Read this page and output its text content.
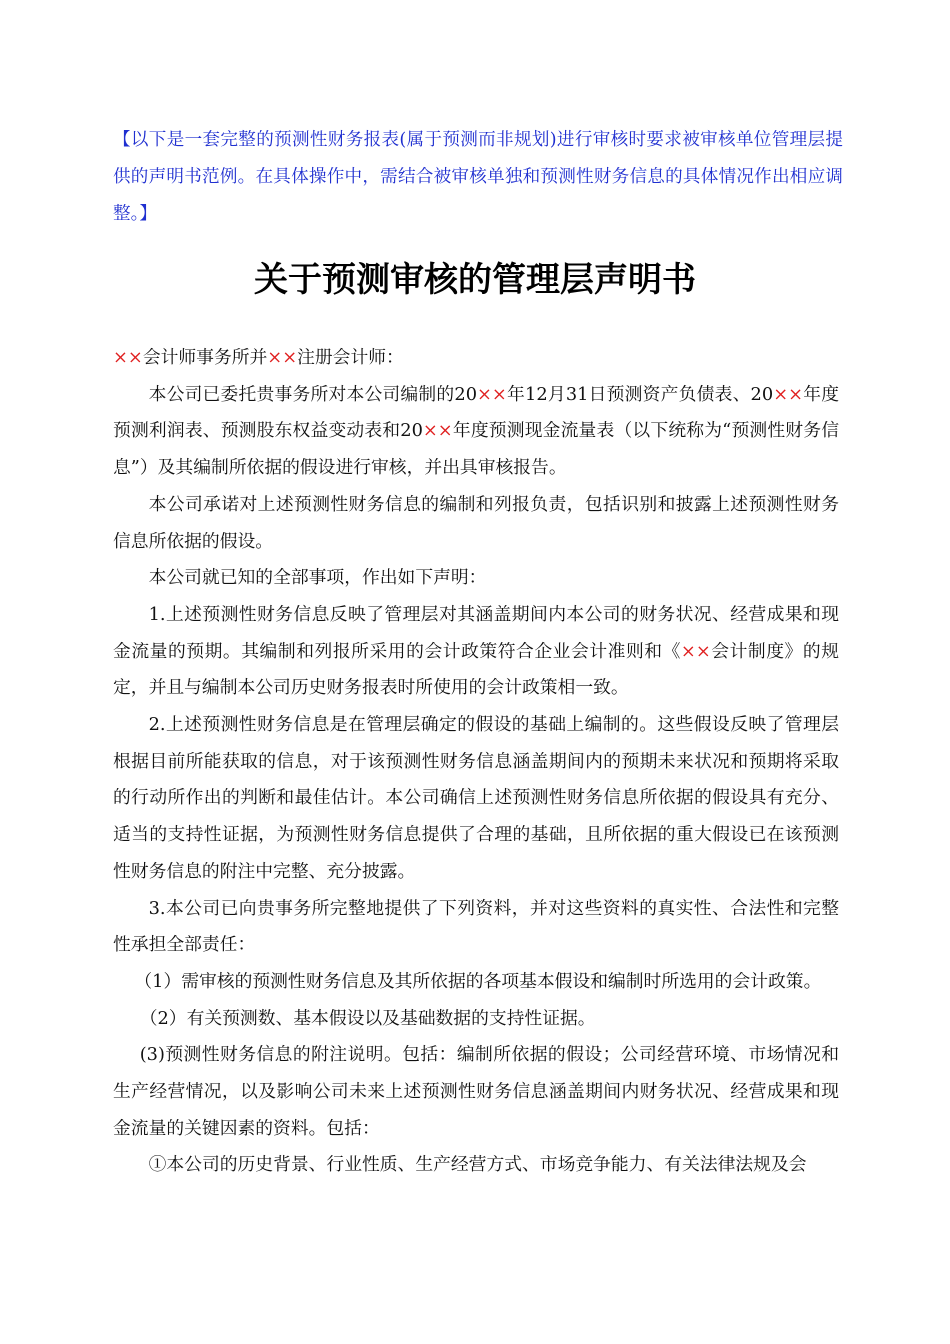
【以下是一套完整的预测性财务报表(属于预测而非规划)进行审核时要求被审核单位管理层提供的声明书范例。在具体操作中，需结合被审核单独和预测性财务信息的具体情况作出相应调整。】

关于预测审核的管理层声明书

××会计师事务所并××注册会计师：

本公司已委托贵事务所对本公司编制的20××年12月31日预测资产负债表、20××年度预测利润表、预测股东权益变动表和20××年度预测现金流量表（以下统称为“预测性财务信息”）及其编制所依据的假设进行审核，并出具审核报告。

本公司承诺对上述预测性财务信息的编制和列报负责，包括识别和披露上述预测性财务信息所依据的假设。

本公司就已知的全部事项，作出如下声明：

1.上述预测性财务信息反映了管理层对其涵盖期间内本公司的财务状况、经营成果和现金流量的预期。其编制和列报所采用的会计政策符合企业会计准则和《××会计制度》的规定，并且与编制本公司历史财务报表时所使用的会计政策相一致。

2.上述预测性财务信息是在管理层确定的假设的基础上编制的。这些假设反映了管理层根据目前所能获取的信息，对于该预测性财务信息涵盖期间内的预期未来状况和预期将采取的行动所作出的判断和最佳估计。本公司确信上述预测性财务信息所依据的假设具有充分、适当的支持性证据，为预测性财务信息提供了合理的基础，且所依据的重大假设已在该预测性财务信息的附注中完整、充分披露。

3.本公司已向贵事务所完整地提供了下列资料，并对这些资料的真实性、合法性和完整性承担全部责任：

（1）需审核的预测性财务信息及其所依据的各项基本假设和编制时所选用的会计政策。

（2）有关预测数、基本假设以及基础数据的支持性证据。

(3)预测性财务信息的附注说明。包括：编制所依据的假设；公司经营环境、市场情况和生产经营情况，以及影响公司未来上述预测性财务信息涵盖期间内财务状况、经营成果和现金流量的关键因素的资料。包括：

①本公司的历史背景、行业性质、生产经营方式、市场竞争能力、有关法律法规及会
